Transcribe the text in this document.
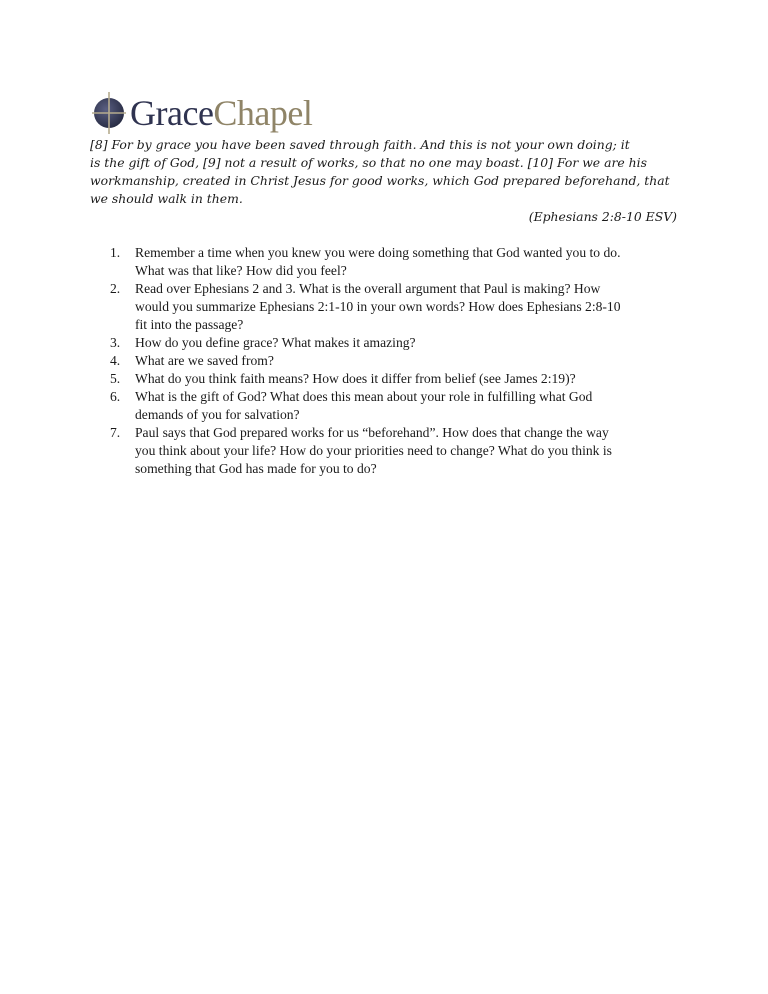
GraceChapel

[8] For by grace you have been saved through faith. And this is not your own doing; it
is the gift of God, [9] not a result of works, so that no one may boast. [10] For we are his
workmanship, created in Christ Jesus for good works, which God prepared beforehand, that
we should walk in them.

(Ephesians 2:8-10 ESV)
1.	Remember a time when you knew you were doing something that God wanted you to do.
What was that like? How did you feel?
2.	Read over Ephesians 2 and 3. What is the overall argument that Paul is making? How
would you summarize Ephesians 2:1-10 in your own words? How does Ephesians 2:8-10
fit into the passage?
3.	How do you define grace? What makes it amazing?
4.	What are we saved from?
5.	What do you think faith means? How does it differ from belief (see James 2:19)?
6.	What is the gift of God? What does this mean about your role in fulfilling what God
demands of you for salvation?
7.	Paul says that God prepared works for us “beforehand”. How does that change the way
you think about your life? How do your priorities need to change? What do you think is
something that God has made for you to do?
